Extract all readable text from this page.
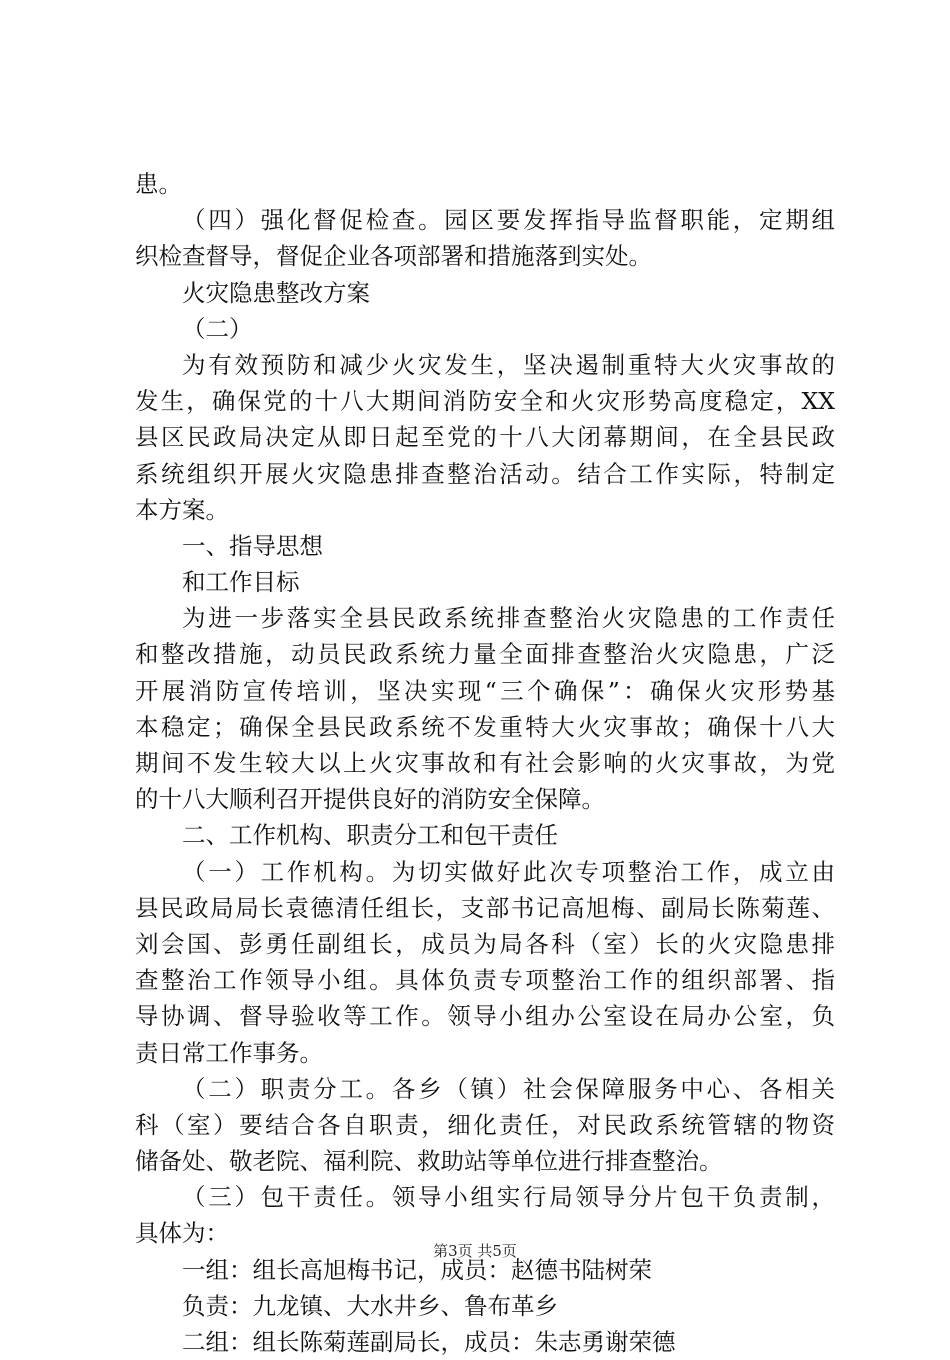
患。
（四）强化督促检查。园区要发挥指导监督职能，定期组
织检查督导，督促企业各项部署和措施落到实处。
火灾隐患整改方案
（二）
为有效预防和减少火灾发生，坚决遏制重特大火灾事故的
发生，确保党的十八大期间消防安全和火灾形势高度稳定，XX
县区民政局决定从即日起至党的十八大闭幕期间，在全县民政
系统组织开展火灾隐患排查整治活动。结合工作实际，特制定
本方案。
一、指导思想
和工作目标
为进一步落实全县民政系统排查整治火灾隐患的工作责任
和整改措施，动员民政系统力量全面排查整治火灾隐患，广泛
开展消防宣传培训，坚决实现“三个确保”：确保火灾形势基
本稳定；确保全县民政系统不发重特大火灾事故；确保十八大
期间不发生较大以上火灾事故和有社会影响的火灾事故，为党
的十八大顺利召开提供良好的消防安全保障。
二、工作机构、职责分工和包干责任
（一）工作机构。为切实做好此次专项整治工作，成立由
县民政局局长袁德清任组长，支部书记高旭梅、副局长陈菊莲、
刘会国、彭勇任副组长，成员为局各科（室）长的火灾隐患排
查整治工作领导小组。具体负责专项整治工作的组织部署、指
导协调、督导验收等工作。领导小组办公室设在局办公室，负
责日常工作事务。
（二）职责分工。各乡（镇）社会保障服务中心、各相关
科（室）要结合各自职责，细化责任，对民政系统管辖的物资
储备处、敬老院、福利院、救助站等单位进行排查整治。
（三）包干责任。领导小组实行局领导分片包干负责制，
具体为：
一组：组长高旭梅书记，成员：赵德书陆树荣
负责：九龙镇、大水井乡、鲁布革乡
二组：组长陈菊莲副局长，成员：朱志勇谢荣德
第3页 共5页
